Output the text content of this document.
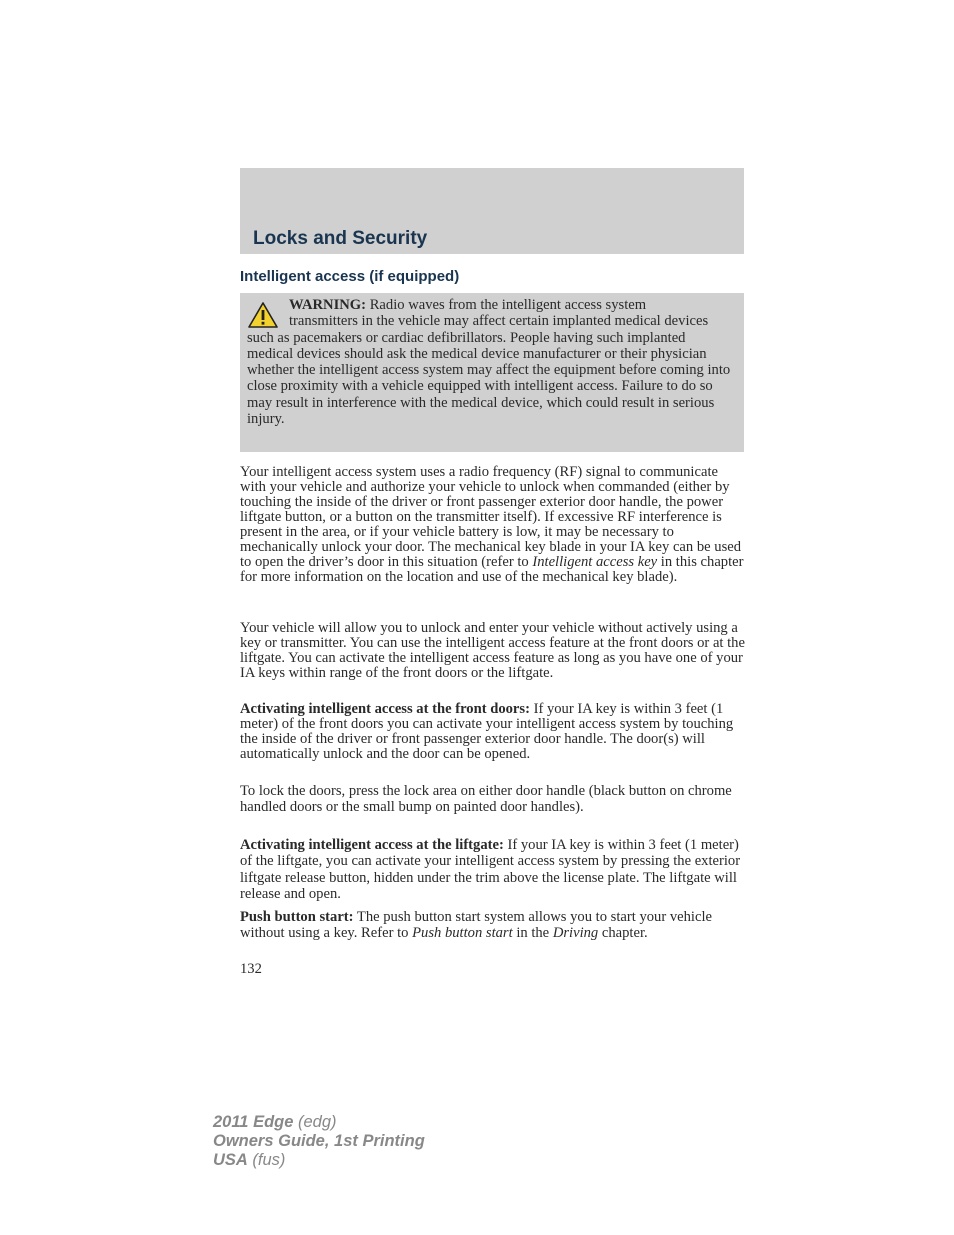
Locks and Security
Intelligent access (if equipped)

WARNING: Radio waves from the intelligent access system
transmitters in the vehicle may affect certain implanted medical devices such as pacemakers or cardiac defibrillators. People having such implanted medical devices should ask the medical device manufacturer or their physician whether the intelligent access system may affect the equipment before coming into close proximity with a vehicle equipped with intelligent access. Failure to do so may result in interference with the medical device, which could result in serious injury.

Your intelligent access system uses a radio frequency (RF) signal to communicate with your vehicle and authorize your vehicle to unlock when commanded (either by touching the inside of the driver or front passenger exterior door handle, the power liftgate button, or a button on the transmitter itself). If excessive RF interference is present in the area, or if your vehicle battery is low, it may be necessary to mechanically unlock your door. The mechanical key blade in your IA key can be used to open the driver’s door in this situation (refer to Intelligent access key in this chapter for more information on the location and use of the mechanical key blade).

Your vehicle will allow you to unlock and enter your vehicle without actively using a key or transmitter. You can use the intelligent access feature at the front doors or at the liftgate. You can activate the intelligent access feature as long as you have one of your IA keys within range of the front doors or the liftgate.

Activating intelligent access at the front doors: If your IA key is within 3 feet (1 meter) of the front doors you can activate your intelligent access system by touching the inside of the driver or front passenger exterior door handle. The door(s) will automatically unlock and the door can be opened.

To lock the doors, press the lock area on either door handle (black button on chrome handled doors or the small bump on painted door handles).

Activating intelligent access at the liftgate: If your IA key is within 3 feet (1 meter) of the liftgate, you can activate your intelligent access system by pressing the exterior liftgate release button, hidden under the trim above the license plate. The liftgate will release and open.

Push button start: The push button start system allows you to start your vehicle without using a key. Refer to Push button start in the Driving chapter.

132
2011 Edge (edg)
Owners Guide, 1st Printing
USA (fus)
